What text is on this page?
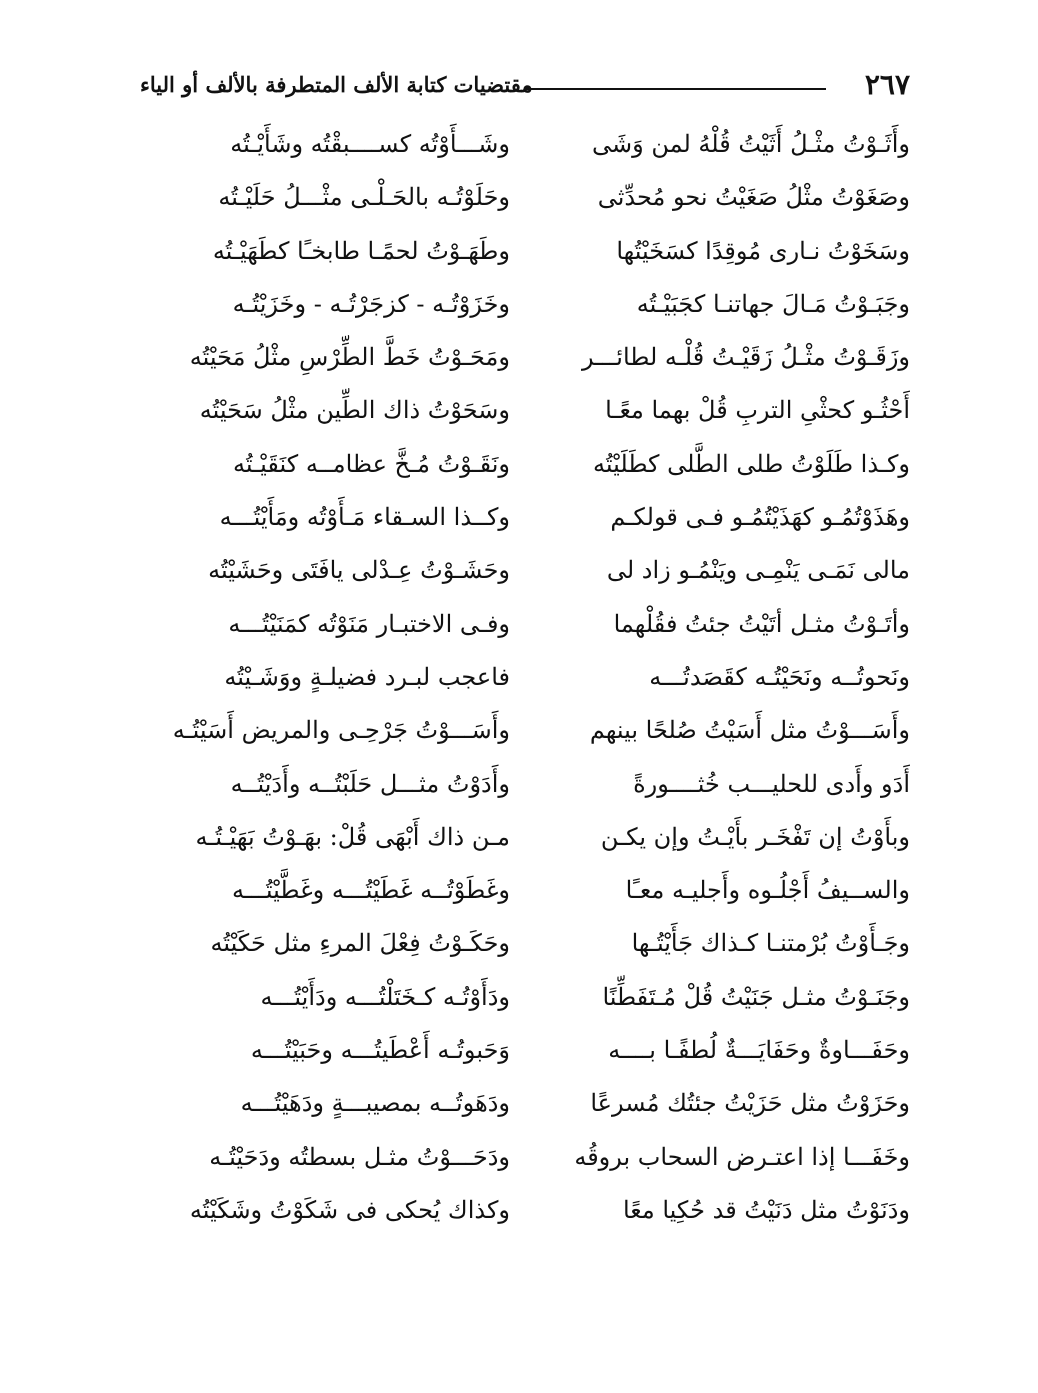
٢٦٧
مقتضيات كتابة الألف المتطرفة بالألف أو الياء
وأَثَـوْتُ مثْـلُ أَثَيْتُ قُلْهُ لمن وَشَى
وشَـــأَوْتُه كســــبقْتُه وشَأَيْـتُه
وصَغَوْتُ مثْلُ صَغَيْتُ نحو مُحدِّثى
وحَلَوْتُـه بالحَـلْـى مثْـــلُ حَلَيْـتُه
وسَخَوْتُ نـارى مُوقِدًا كسَخَيْتُها
وطَهَـوْتُ لحمًـا طابخـًا كطَهَيْـتُه
وجَبَـوْتُ مَـالَ جهاتنـا كجَبَيْـتُه
وخَزَوْتُـه - كزجَرْتُـه - وخَزَيْتُـه
وزَقَـوْتُ مثْـلُ زَقَيْـتُ قُلْـه لطائـــر
ومَحَـوْتُ خَطَّ الطِّرْسِ مثْلُ مَحَيْتُه
أَحْثُـو كحثْىِ التربِ قُلْ بهما معًـا
وسَحَوْتُ ذاك الطِّين مثْلُ سَحَيْتُه
وكـذا طَلَوْتُ طلى الطَّلى كطَلَيْتُه
ونَقَـوْتُ مُـخَّ عظامــه كنَقَيْـتُه
وهَذَوْتُمُـو كهَذَيْتُمُـو فـى قولكـم
وكــذا السـقاء مَـأَوْتُه ومَأَيْتُـــه
مالى نَمَـى يَنْمِـى ويَنْمُـو زاد لى
وحَشَـوْتُ عِـدْلى يافَتَى وحَشَيْتُه
وأتَـوْتُ مثـل أتَيْتُ جئتُ فقُلْهما
وفـى الاختبـار مَنَوْتُه كمَنَيْتُـــه
ونَحوتُــه ونَحَيْتُـه كقَصَدتُـــه
فاعجب لبـرد فضيلـةٍ ووَشَـيْتُه
وأَسَـــوْتُ مثل أَسَيْتُ صُلحًا بينهم
وأَسَـــوْتُ جَرْحِـى والمريض أَسَيْتُـه
أَدَو وأَدى للحليـــب خُثــــورةً
وأَدَوْتُ مثـــل حَلَبْتُــه وأَدَيْتُــه
وبأَوْتُ إن تَفْخَـر بأَيْـتُ وإن يكـن
مـن ذاك أَبْهَى قُلْ: بهَـوْتُ بَهَيْـتُـه
والســيفُ أَجْلُـوه وأَجليـه معـًا
وغَطَوْتُــه غَطَيْتُـــه وغَطَّيْتُـــه
وجَـأَوْتُ بُرْمتنـا كـذاك جَأَيْتُـها
وحَكَـوْتُ فِعْلَ المرءِ مثل حَكَيْتُه
وجَنَـوْتُ مثـل جَنَيْتُ قُلْ مُـتَفَطِّنًا
ودَأَوْتُـه كـخَتَلْتُـــه ودَأَيْتُـــه
وحَفَـــاوةٌ وحَفَايَـــةٌ لُطفًـا بــــه
وَحَبوتُـه أَعْطَيتُـــه وحَبَيْتُـــه
وحَزَوْتُ مثل حَزَيْتُ جئتُك مُسرعًا
ودَهَوتُــه بمصيبـــةٍ ودَهَيْتُـــه
وخَفَـــا إذا اعتـرض السحاب بروقُه
ودَحَـــوْتُ مثـل بسطتُه ودَحَيْتُـه
ودَنَوْتُ مثل دَنَيْتُ قد حُكِيا معًا
وكذاك يُحكى فى شَكَوْتُ وشَكَيْتُه
